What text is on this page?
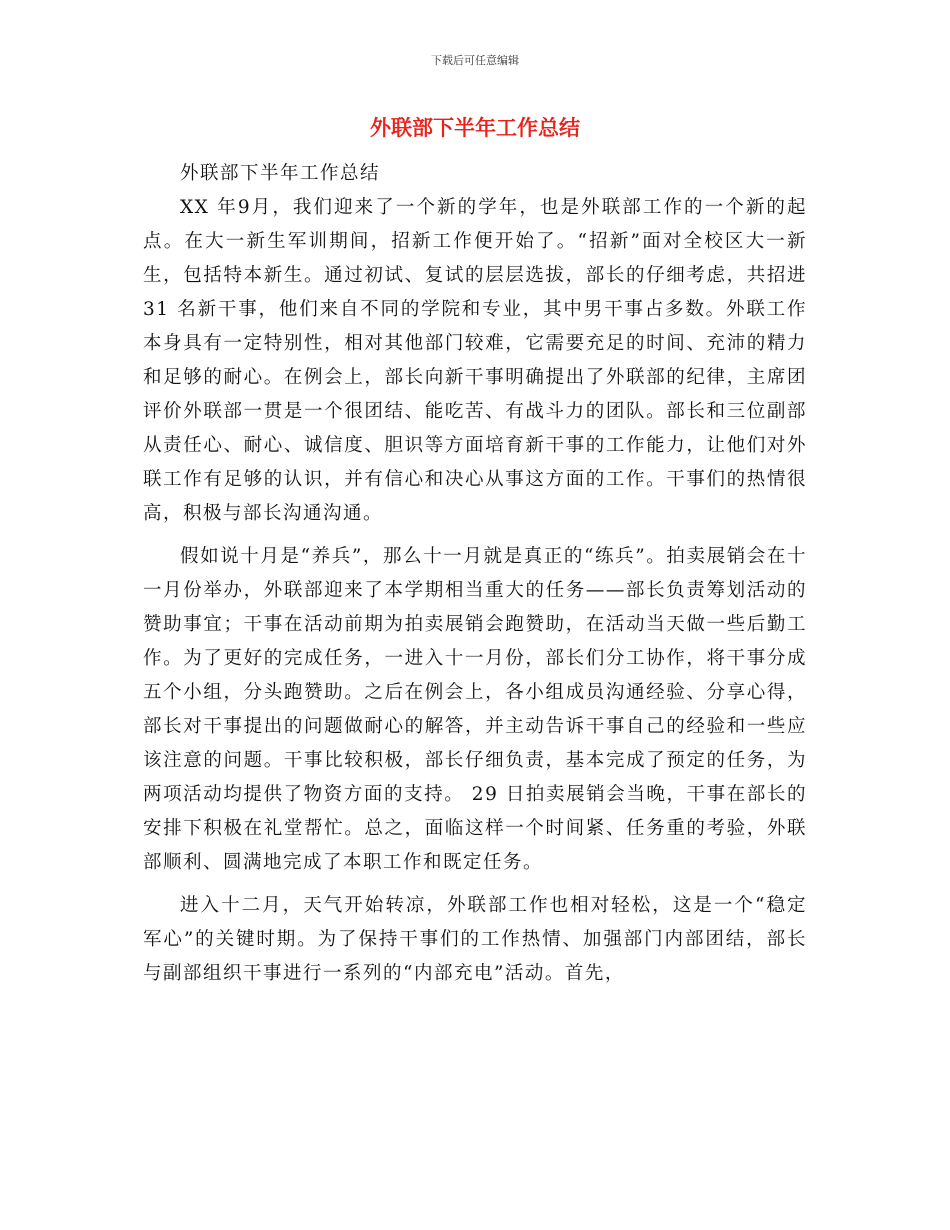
下载后可任意编辑
外联部下半年工作总结

外联部下半年工作总结

XX 年9月，我们迎来了一个新的学年，也是外联部工作的一个新的起点。在大一新生军训期间，招新工作便开始了。“招新”面对全校区大一新生，包括特本新生。通过初试、复试的层层选拔，部长的仔细考虑，共招进 31 名新干事，他们来自不同的学院和专业，其中男干事占多数。外联工作本身具有一定特别性，相对其他部门较难，它需要充足的时间、充沛的精力和足够的耐心。在例会上，部长向新干事明确提出了外联部的纪律，主席团评价外联部一贯是一个很团结、能吃苦、有战斗力的团队。部长和三位副部从责任心、耐心、诚信度、胆识等方面培育新干事的工作能力，让他们对外联工作有足够的认识，并有信心和决心从事这方面的工作。干事们的热情很高，积极与部长沟通沟通。

假如说十月是“养兵”，那么十一月就是真正的“练兵”。拍卖展销会在十一月份举办，外联部迎来了本学期相当重大的任务——部长负责筹划活动的赞助事宜；干事在活动前期为拍卖展销会跑赞助，在活动当天做一些后勤工作。为了更好的完成任务，一进入十一月份，部长们分工协作，将干事分成五个小组，分头跑赞助。之后在例会上，各小组成员沟通经验、分享心得，部长对干事提出的问题做耐心的解答，并主动告诉干事自己的经验和一些应该注意的问题。干事比较积极，部长仔细负责，基本完成了预定的任务，为两项活动均提供了物资方面的支持。 29 日拍卖展销会当晚，干事在部长的安排下积极在礼堂帮忙。总之，面临这样一个时间紧、任务重的考验，外联部顺利、圆满地完成了本职工作和既定任务。

进入十二月，天气开始转凉，外联部工作也相对轻松，这是一个“稳定军心”的关键时期。为了保持干事们的工作热情、加强部门内部团结，部长与副部组织干事进行一系列的“内部充电”活动。首先，
